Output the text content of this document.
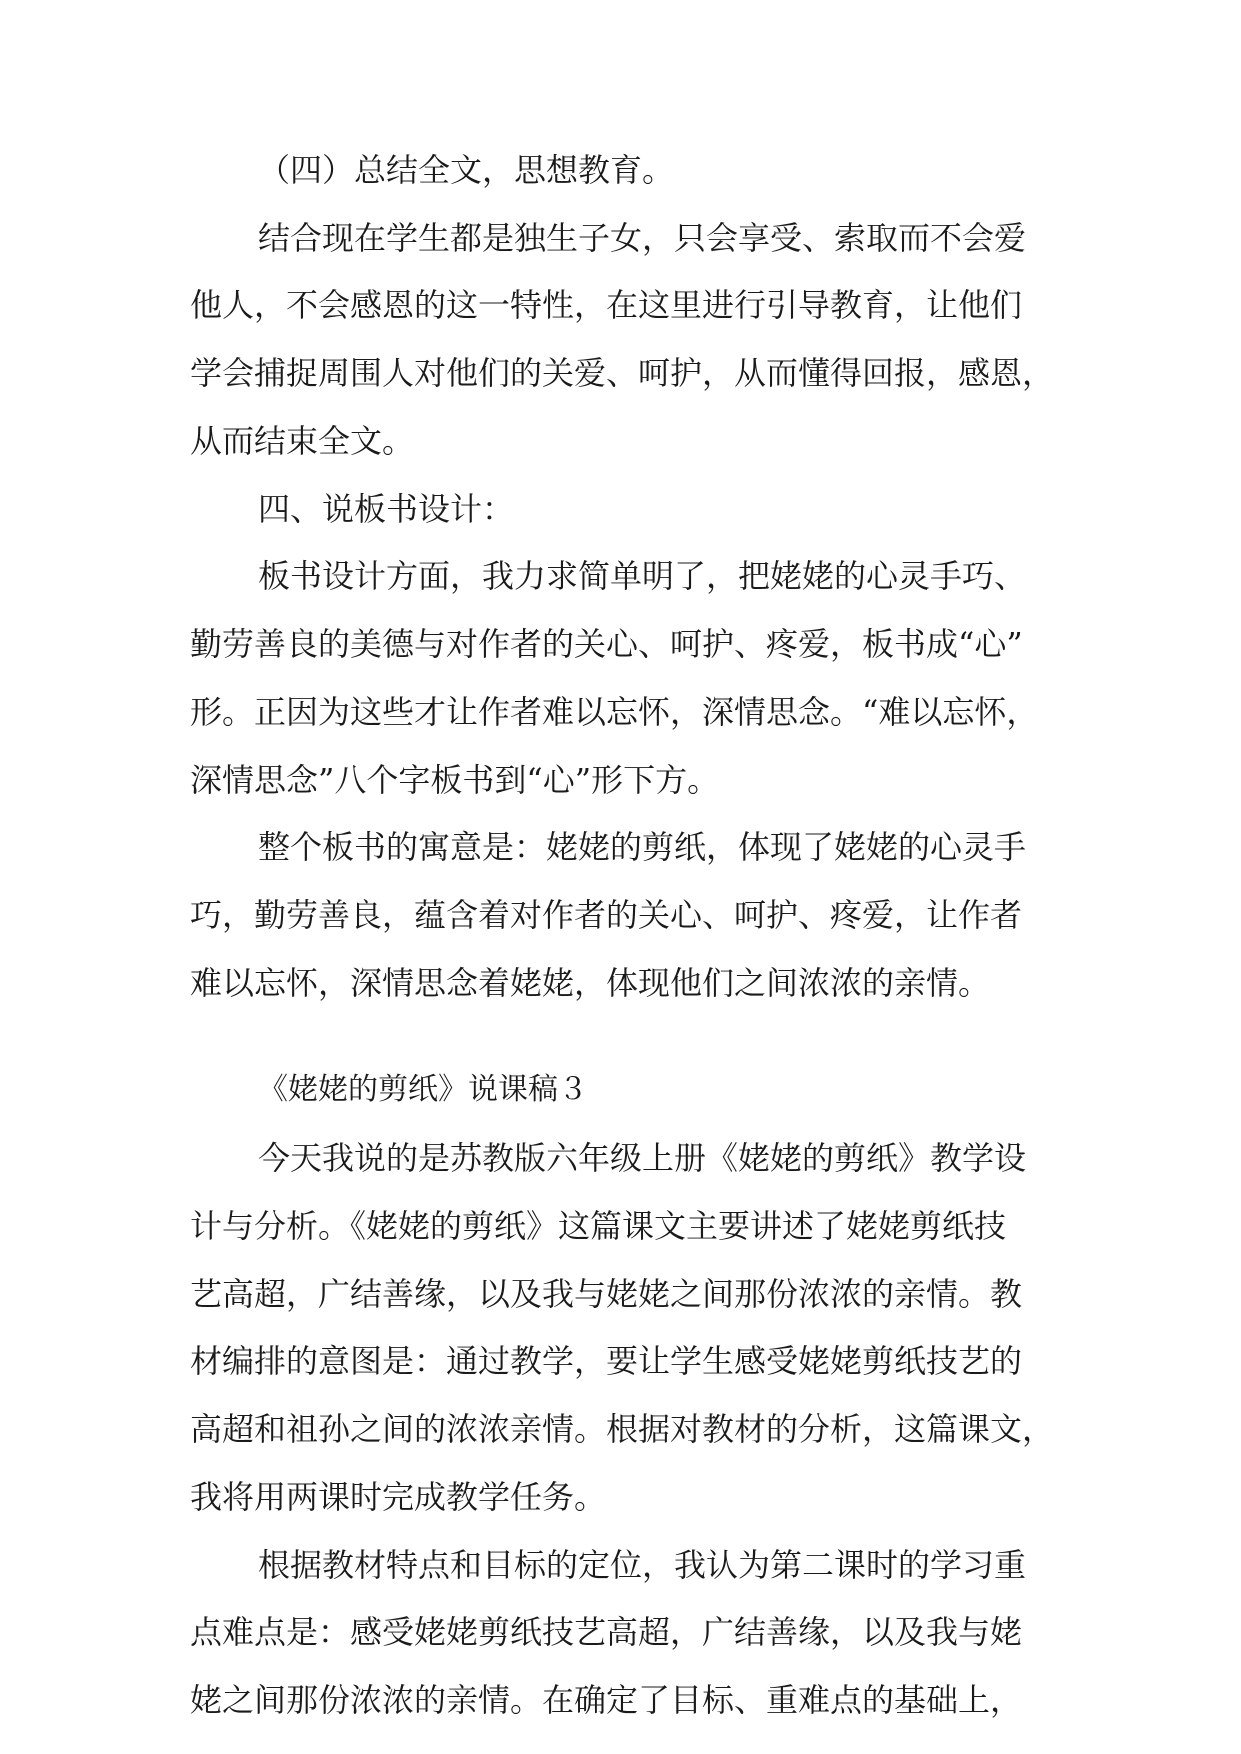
（四）总结全文，思想教育。
结合现在学生都是独生子女，只会享受、索取而不会爱
他人，不会感恩的这一特性，在这里进行引导教育，让他们
学会捕捉周围人对他们的关爱、呵护，从而懂得回报，感恩，
从而结束全文。
四、说板书设计：
板书设计方面，我力求简单明了，把姥姥的心灵手巧、
勤劳善良的美德与对作者的关心、呵护、疼爱，板书成“心”
形。正因为这些才让作者难以忘怀，深情思念。“难以忘怀，
深情思念”八个字板书到“心”形下方。
整个板书的寓意是：姥姥的剪纸，体现了姥姥的心灵手
巧，勤劳善良，蕴含着对作者的关心、呵护、疼爱，让作者
难以忘怀，深情思念着姥姥，体现他们之间浓浓的亲情。
《姥姥的剪纸》说课稿３
今天我说的是苏教版六年级上册《姥姥的剪纸》教学设
计与分析。《姥姥的剪纸》这篇课文主要讲述了姥姥剪纸技
艺高超，广结善缘，以及我与姥姥之间那份浓浓的亲情。教
材编排的意图是：通过教学，要让学生感受姥姥剪纸技艺的
高超和祖孙之间的浓浓亲情。根据对教材的分析，这篇课文，
我将用两课时完成教学任务。
根据教材特点和目标的定位，我认为第二课时的学习重
点难点是：感受姥姥剪纸技艺高超，广结善缘，以及我与姥
姥之间那份浓浓的亲情。在确定了目标、重难点的基础上，
